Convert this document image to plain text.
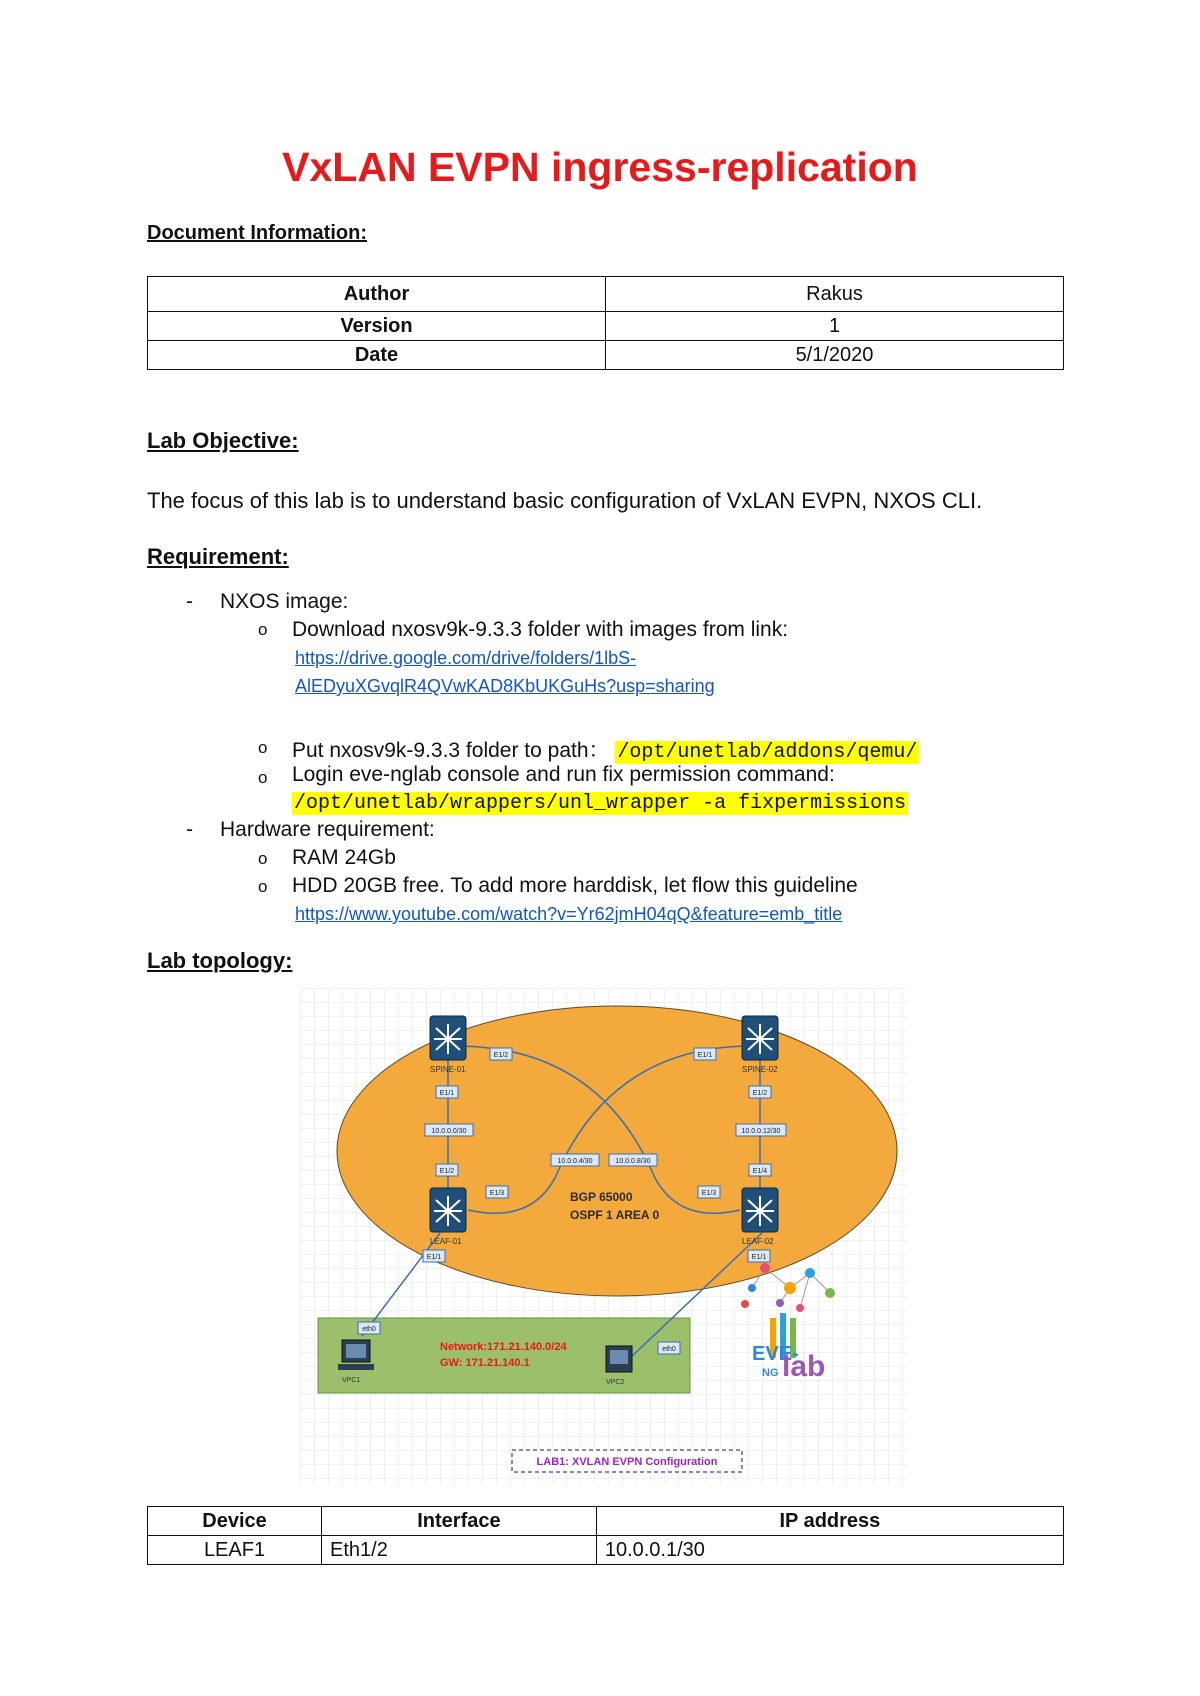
VxLAN EVPN ingress-replication
Document Information:
Author	Rakus
Version	1
Date	5/1/2020
Lab Objective:
The focus of this lab is to understand basic configuration of VxLAN EVPN, NXOS CLI.
Requirement:
- NXOS image:
o Download nxosv9k-9.3.3 folder with images from link:
https://drive.google.com/drive/folders/1lbS-
AlEDyuXGvqlR4QVwKAD8KbUKGuHs?usp=sharing
o Put nxosv9k-9.3.3 folder to path： /opt/unetlab/addons/qemu/
o Login eve-nglab console and run fix permission command:
/opt/unetlab/wrappers/unl_wrapper -a fixpermissions
- Hardware requirement:
o RAM 24Gb
o HDD 20GB free. To add more harddisk, let flow this guideline
https://www.youtube.com/watch?v=Yr62jmH04qQ&feature=emb_title
Lab topology:
SPINE-01	SPINE-02
LEAF-01	LEAF-02
E1/1
E1/2	E1/1
E1/2
E1/2
E1/3
E1/1
E1/4
E1/3
E1/1
eth0
eth0
10.0.0.0/30	10.0.0.12/30
10.0.0.4/30	10.0.0.8/30
BGP 65000
OSPF 1 AREA 0
VPC1	VPC2
Network:171.21.140.0/24
GW: 171.21.140.1	EVE-
NG lab
LAB1: XVLAN EVPN Configuration
Device	Interface	IP address
LEAF1	Eth1/2	10.0.0.1/30
